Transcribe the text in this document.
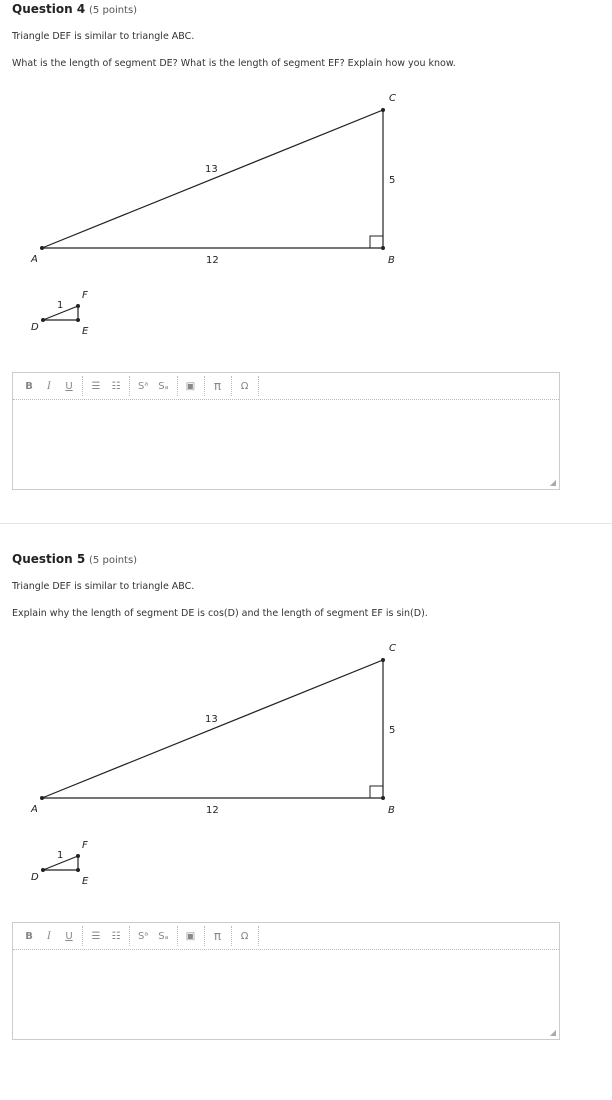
Question 4 (5 points)
Triangle DEF is similar to triangle ABC.
What is the length of segment DE? What is the length of segment EF? Explain how you know.
A	B
C
13
12
5
D	E
F
1
B	I	U	☰	☷	Sᵃ	Sₐ	▣	π	Ω
◢
Question 5 (5 points)
Triangle DEF is similar to triangle ABC.
Explain why the length of segment DE is cos(D) and the length of segment EF is sin(D).
A	B
C
13
12
5
D	E
F
1
B	I	U	☰	☷	Sᵃ	Sₐ	▣	π	Ω
◢
